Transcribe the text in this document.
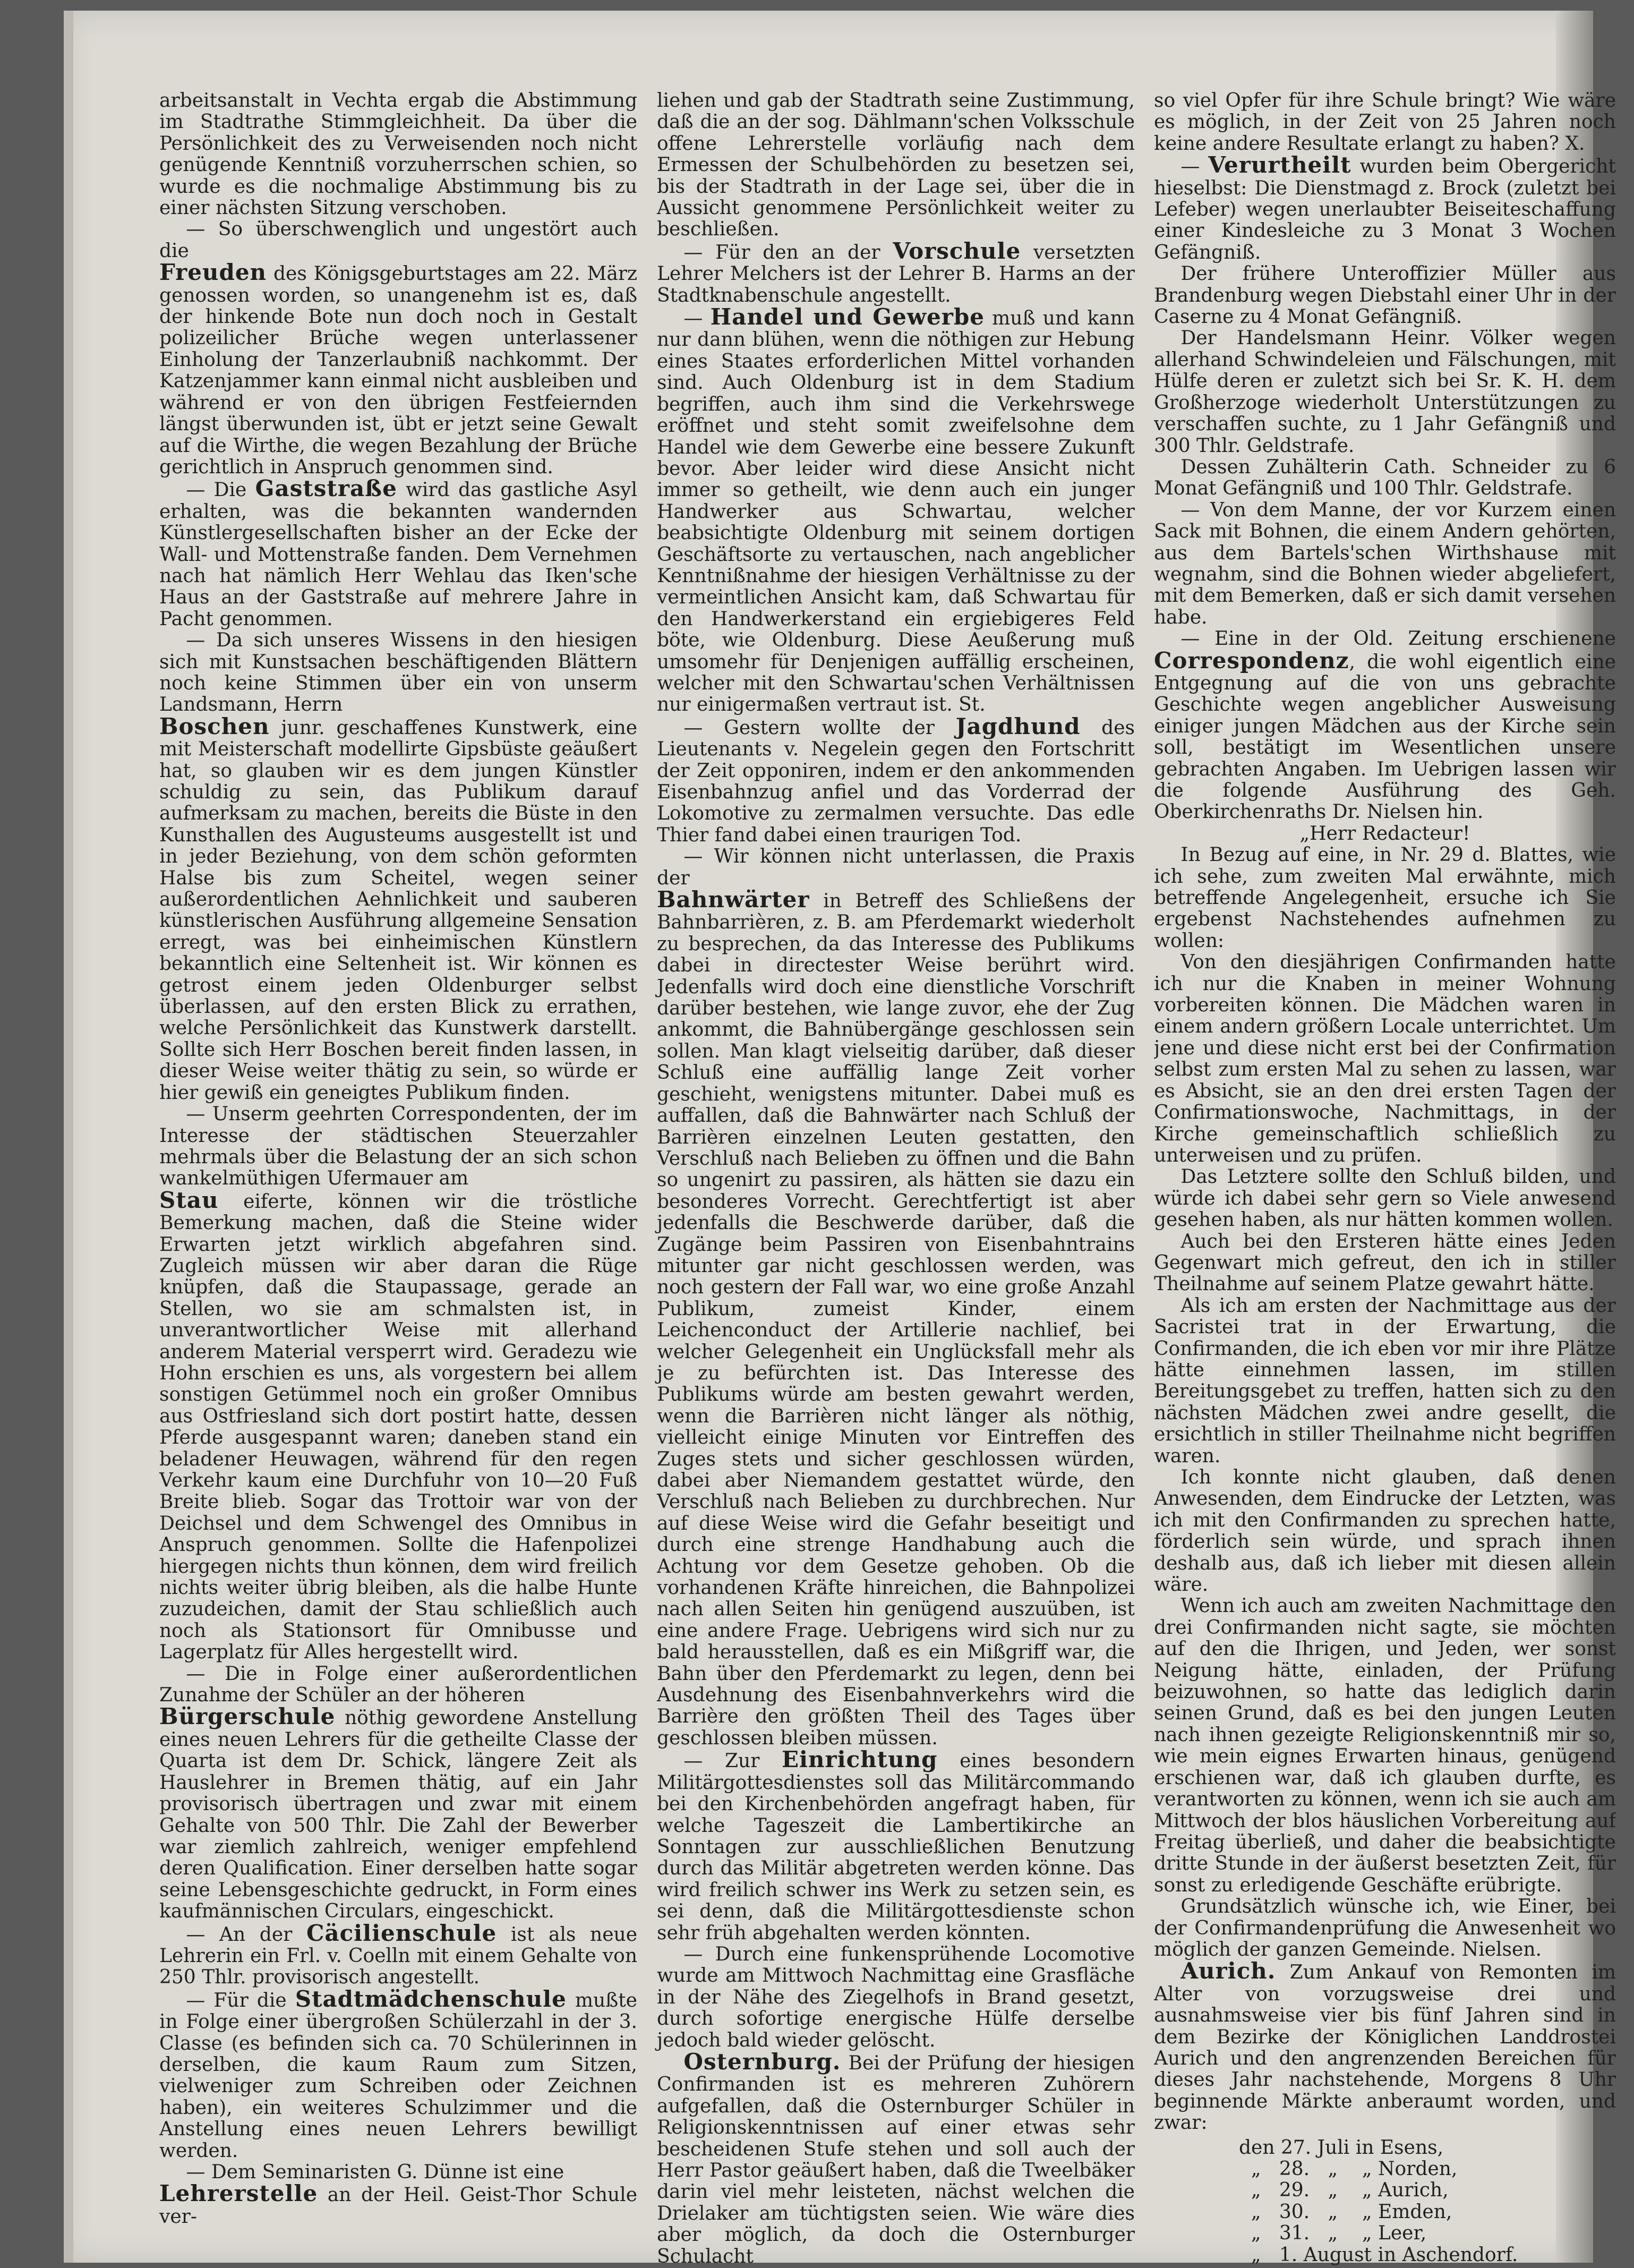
arbeitsanstalt in Vechta ergab die Abstimmung im Stadtrathe Stimmgleichheit. Da über die Persönlichkeit des zu Verweisenden noch nicht genügende Kenntniß vorzuherrschen schien, so wurde es die nochmalige Abstimmung bis zu einer nächsten Sitzung verschoben.

— So überschwenglich und ungestört auch die

Freuden des Königsgeburtstages am 22. März genossen worden, so unangenehm ist es, daß der hinkende Bote nun doch noch in Gestalt polizeilicher Brüche wegen unterlassener Einholung der Tanzerlaubniß nachkommt. Der Katzenjammer kann einmal nicht ausbleiben und während er von den übrigen Festfeiernden längst überwunden ist, übt er jetzt seine Gewalt auf die Wirthe, die wegen Bezahlung der Brüche gerichtlich in Anspruch genommen sind.

— Die Gaststraße wird das gastliche Asyl erhalten, was die bekannten wandernden Künstlergesellschaften bisher an der Ecke der Wall- und Mottenstraße fanden. Dem Vernehmen nach hat nämlich Herr Wehlau das Iken'sche Haus an der Gaststraße auf mehrere Jahre in Pacht genommen.

— Da sich unseres Wissens in den hiesigen sich mit Kunstsachen beschäftigenden Blättern noch keine Stimmen über ein von unserm Landsmann, Herrn

Boschen junr. geschaffenes Kunstwerk, eine mit Meisterschaft modellirte Gipsbüste geäußert hat, so glauben wir es dem jungen Künstler schuldig zu sein, das Publikum darauf aufmerksam zu machen, bereits die Büste in den Kunsthallen des Augusteums ausgestellt ist und in jeder Beziehung, von dem schön geformten Halse bis zum Scheitel, wegen seiner außerordentlichen Aehnlichkeit und sauberen künstlerischen Ausführung allgemeine Sensation erregt, was bei einheimischen Künstlern bekanntlich eine Seltenheit ist. Wir können es getrost einem jeden Oldenburger selbst überlassen, auf den ersten Blick zu errathen, welche Persönlichkeit das Kunstwerk darstellt. Sollte sich Herr Boschen bereit finden lassen, in dieser Weise weiter thätig zu sein, so würde er hier gewiß ein geneigtes Publikum finden.

— Unserm geehrten Correspondenten, der im Interesse der städtischen Steuerzahler mehrmals über die Belastung der an sich schon wankelmüthigen Ufermauer am

Stau eiferte, können wir die tröstliche Bemerkung machen, daß die Steine wider Erwarten jetzt wirklich abgefahren sind. Zugleich müssen wir aber daran die Rüge knüpfen, daß die Staupassage, gerade an Stellen, wo sie am schmalsten ist, in unverantwortlicher Weise mit allerhand anderem Material versperrt wird. Geradezu wie Hohn erschien es uns, als vorgestern bei allem sonstigen Getümmel noch ein großer Omnibus aus Ostfriesland sich dort postirt hatte, dessen Pferde ausgespannt waren; daneben stand ein beladener Heuwagen, während für den regen Verkehr kaum eine Durchfuhr von 10—20 Fuß Breite blieb. Sogar das Trottoir war von der Deichsel und dem Schwengel des Omnibus in Anspruch genommen. Sollte die Hafenpolizei hiergegen nichts thun können, dem wird freilich nichts weiter übrig bleiben, als die halbe Hunte zuzudeichen, damit der Stau schließlich auch noch als Stationsort für Omnibusse und Lagerplatz für Alles hergestellt wird.

— Die in Folge einer außerordentlichen Zunahme der Schüler an der höheren

Bürgerschule nöthig gewordene Anstellung eines neuen Lehrers für die getheilte Classe der Quarta ist dem Dr. Schick, längere Zeit als Hauslehrer in Bremen thätig, auf ein Jahr provisorisch übertragen und zwar mit einem Gehalte von 500 Thlr. Die Zahl der Bewerber war ziemlich zahlreich, weniger empfehlend deren Qualification. Einer derselben hatte sogar seine Lebensgeschichte gedruckt, in Form eines kaufmännischen Circulars, eingeschickt.

— An der Cäcilienschule ist als neue Lehrerin ein Frl. v. Coelln mit einem Gehalte von 250 Thlr. provisorisch angestellt.

— Für die Stadtmädchenschule mußte in Folge einer übergroßen Schülerzahl in der 3. Classe (es befinden sich ca. 70 Schülerinnen in derselben, die kaum Raum zum Sitzen, vielweniger zum Schreiben oder Zeichnen haben), ein weiteres Schulzimmer und die Anstellung eines neuen Lehrers bewilligt werden.

— Dem Seminaristen G. Dünne ist eine

Lehrerstelle an der Heil. Geist-Thor Schule ver-

liehen und gab der Stadtrath seine Zustimmung, daß die an der sog. Dählmann'schen Volksschule offene Lehrerstelle vorläufig nach dem Ermessen der Schulbehörden zu besetzen sei, bis der Stadtrath in der Lage sei, über die in Aussicht genommene Persönlichkeit weiter zu beschließen.

— Für den an der Vorschule versetzten Lehrer Melchers ist der Lehrer B. Harms an der Stadtknabenschule angestellt.

— Handel und Gewerbe muß und kann nur dann blühen, wenn die nöthigen zur Hebung eines Staates erforderlichen Mittel vorhanden sind. Auch Oldenburg ist in dem Stadium begriffen, auch ihm sind die Verkehrswege eröffnet und steht somit zweifelsohne dem Handel wie dem Gewerbe eine bessere Zukunft bevor. Aber leider wird diese Ansicht nicht immer so getheilt, wie denn auch ein junger Handwerker aus Schwartau, welcher beabsichtigte Oldenburg mit seinem dortigen Geschäftsorte zu vertauschen, nach angeblicher Kenntnißnahme der hiesigen Verhältnisse zu der vermeintlichen Ansicht kam, daß Schwartau für den Handwerkerstand ein ergiebigeres Feld böte, wie Oldenburg. Diese Aeußerung muß umsomehr für Denjenigen auffällig erscheinen, welcher mit den Schwartau'schen Verhältnissen nur einigermaßen vertraut ist. St.

— Gestern wollte der Jagdhund des Lieutenants v. Negelein gegen den Fortschritt der Zeit opponiren, indem er den ankommenden Eisenbahnzug anfiel und das Vorderrad der Lokomotive zu zermalmen versuchte. Das edle Thier fand dabei einen traurigen Tod.

— Wir können nicht unterlassen, die Praxis der

Bahnwärter in Betreff des Schließens der Bahnbarrièren, z. B. am Pferdemarkt wiederholt zu besprechen, da das Interesse des Publikums dabei in directester Weise berührt wird. Jedenfalls wird doch eine dienstliche Vorschrift darüber bestehen, wie lange zuvor, ehe der Zug ankommt, die Bahnübergänge geschlossen sein sollen. Man klagt vielseitig darüber, daß dieser Schluß eine auffällig lange Zeit vorher geschieht, wenigstens mitunter. Dabei muß es auffallen, daß die Bahnwärter nach Schluß der Barrièren einzelnen Leuten gestatten, den Verschluß nach Belieben zu öffnen und die Bahn so ungenirt zu passiren, als hätten sie dazu ein besonderes Vorrecht. Gerechtfertigt ist aber jedenfalls die Beschwerde darüber, daß die Zugänge beim Passiren von Eisenbahntrains mitunter gar nicht geschlossen werden, was noch gestern der Fall war, wo eine große Anzahl Publikum, zumeist Kinder, einem Leichenconduct der Artillerie nachlief, bei welcher Gelegenheit ein Unglücksfall mehr als je zu befürchten ist. Das Interesse des Publikums würde am besten gewahrt werden, wenn die Barrièren nicht länger als nöthig, vielleicht einige Minuten vor Eintreffen des Zuges stets und sicher geschlossen würden, dabei aber Niemandem gestattet würde, den Verschluß nach Belieben zu durchbrechen. Nur auf diese Weise wird die Gefahr beseitigt und durch eine strenge Handhabung auch die Achtung vor dem Gesetze gehoben. Ob die vorhandenen Kräfte hinreichen, die Bahnpolizei nach allen Seiten hin genügend auszuüben, ist eine andere Frage. Uebrigens wird sich nur zu bald herausstellen, daß es ein Mißgriff war, die Bahn über den Pferdemarkt zu legen, denn bei Ausdehnung des Eisenbahnverkehrs wird die Barrière den größten Theil des Tages über geschlossen bleiben müssen.

— Zur Einrichtung eines besondern Militärgottesdienstes soll das Militärcommando bei den Kirchenbehörden angefragt haben, für welche Tageszeit die Lambertikirche an Sonntagen zur ausschließlichen Benutzung durch das Militär abgetreten werden könne. Das wird freilich schwer ins Werk zu setzen sein, es sei denn, daß die Militärgottesdienste schon sehr früh abgehalten werden könnten.

— Durch eine funkensprühende Locomotive wurde am Mittwoch Nachmittag eine Grasfläche in der Nähe des Ziegelhofs in Brand gesetzt, durch sofortige energische Hülfe derselbe jedoch bald wieder gelöscht.

Osternburg. Bei der Prüfung der hiesigen Confirmanden ist es mehreren Zuhörern aufgefallen, daß die Osternburger Schüler in Religionskenntnissen auf einer etwas sehr bescheidenen Stufe stehen und soll auch der Herr Pastor geäußert haben, daß die Tweelbäker darin viel mehr leisteten, nächst welchen die Drielaker am tüchtigsten seien. Wie wäre dies aber möglich, da doch die Osternburger Schulacht

so viel Opfer für ihre Schule bringt? Wie wäre es möglich, in der Zeit von 25 Jahren noch keine andere Resultate erlangt zu haben? X.

— Verurtheilt wurden beim Obergericht hieselbst: Die Dienstmagd z. Brock (zuletzt bei Lefeber) wegen unerlaubter Beiseiteschaffung einer Kindesleiche zu 3 Monat 3 Wochen Gefängniß.

Der frühere Unteroffizier Müller aus Brandenburg wegen Diebstahl einer Uhr in der Caserne zu 4 Monat Gefängniß.

Der Handelsmann Heinr. Völker wegen allerhand Schwindeleien und Fälschungen, mit Hülfe deren er zuletzt sich bei Sr. K. H. dem Großherzoge wiederholt Unterstützungen zu verschaffen suchte, zu 1 Jahr Gefängniß und 300 Thlr. Geldstrafe.

Dessen Zuhälterin Cath. Schneider zu 6 Monat Gefängniß und 100 Thlr. Geldstrafe.

— Von dem Manne, der vor Kurzem einen Sack mit Bohnen, die einem Andern gehörten, aus dem Bartels'schen Wirthshause mit wegnahm, sind die Bohnen wieder abgeliefert, mit dem Bemerken, daß er sich damit versehen habe.

— Eine in der Old. Zeitung erschienene Correspondenz, die wohl eigentlich eine Entgegnung auf die von uns gebrachte Geschichte wegen angeblicher Ausweisung einiger jungen Mädchen aus der Kirche sein soll, bestätigt im Wesentlichen unsere gebrachten Angaben. Im Uebrigen lassen wir die folgende Ausführung des Geh. Oberkirchenraths Dr. Nielsen hin.

„Herr Redacteur!

In Bezug auf eine, in Nr. 29 d. Blattes, wie ich sehe, zum zweiten Mal erwähnte, mich betreffende Angelegenheit, ersuche ich Sie ergebenst Nachstehendes aufnehmen zu wollen:

Von den diesjährigen Confirmanden hatte ich nur die Knaben in meiner Wohnung vorbereiten können. Die Mädchen waren in einem andern größern Locale unterrichtet. Um jene und diese nicht erst bei der Confirmation selbst zum ersten Mal zu sehen zu lassen, war es Absicht, sie an den drei ersten Tagen der Confirmationswoche, Nachmittags, in der Kirche gemeinschaftlich schließlich zu unterweisen und zu prüfen.

Das Letztere sollte den Schluß bilden, und würde ich dabei sehr gern so Viele anwesend gesehen haben, als nur hätten kommen wollen.

Auch bei den Ersteren hätte eines Jeden Gegenwart mich gefreut, den ich in stiller Theilnahme auf seinem Platze gewahrt hätte.

Als ich am ersten der Nachmittage aus der Sacristei trat in der Erwartung, die Confirmanden, die ich eben vor mir ihre Plätze hätte einnehmen lassen, im stillen Bereitungsgebet zu treffen, hatten sich zu den nächsten Mädchen zwei andre gesellt, die ersichtlich in stiller Theilnahme nicht begriffen waren.

Ich konnte nicht glauben, daß denen Anwesenden, dem Eindrucke der Letzten, was ich mit den Confirmanden zu sprechen hatte, förderlich sein würde, und sprach ihnen deshalb aus, daß ich lieber mit diesen allein wäre.

Wenn ich auch am zweiten Nachmittage den drei Confirmanden nicht sagte, sie möchten auf den die Ihrigen, und Jeden, wer sonst Neigung hätte, einladen, der Prüfung beizuwohnen, so hatte das lediglich darin seinen Grund, daß es bei den jungen Leuten nach ihnen gezeigte Religionskenntniß mir so, wie mein eignes Erwarten hinaus, genügend erschienen war, daß ich glauben durfte, es verantworten zu können, wenn ich sie auch am Mittwoch der blos häuslichen Vorbereitung auf Freitag überließ, und daher die beabsichtigte dritte Stunde in der äußerst besetzten Zeit, für sonst zu erledigende Geschäfte erübrigte.

Grundsätzlich wünsche ich, wie Einer, bei der Confirmandenprüfung die Anwesenheit wo möglich der ganzen Gemeinde. Nielsen.

Aurich. Zum Ankauf von Remonten im Alter von vorzugsweise drei und ausnahmsweise vier bis fünf Jahren sind in dem Bezirke der Königlichen Landdrostei Aurich und den angrenzenden Bereichen für dieses Jahr nachstehende, Morgens 8 Uhr beginnende Märkte anberaumt worden, und zwar:

den 27. Juli in Esens,
„   28.   „    „ Norden,
„   29.   „    „ Aurich,
„   30.   „    „ Emden,
„   31.   „    „ Leer,
„   1. August in Aschendorf.
